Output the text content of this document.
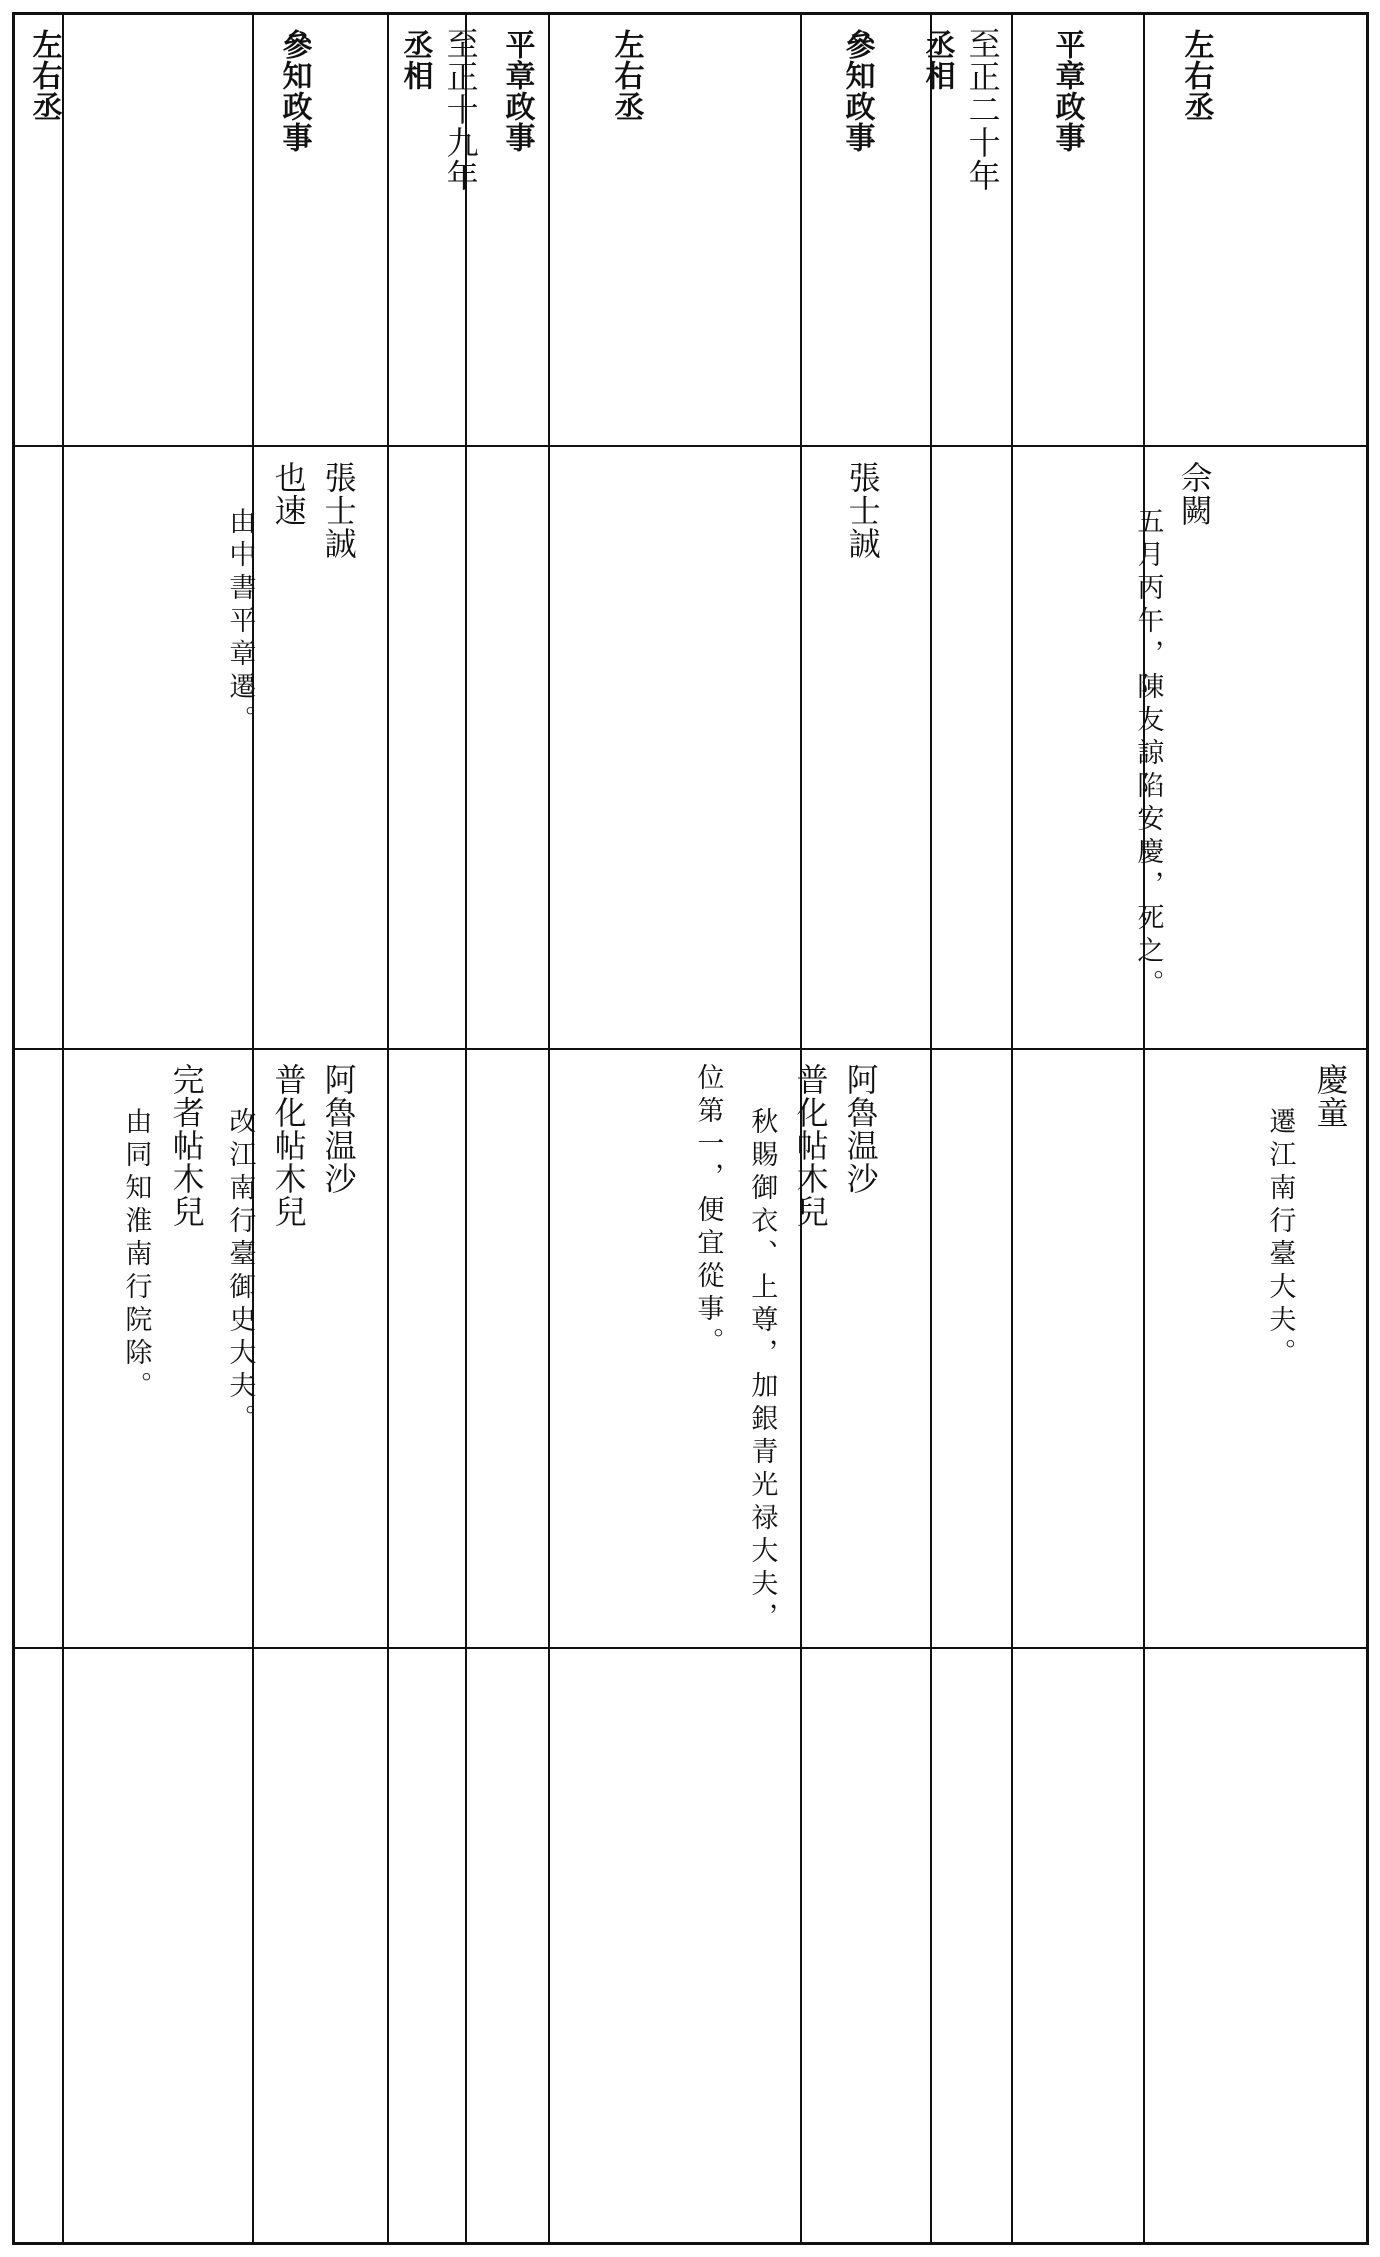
左右丞
平章政事
丞相 至正二十年
參知政事
左右丞
平章政事
丞相 至正十九年
參知政事
左右丞
佘闕
五月丙午，陳友諒陷安慶，死之。
張士誠
張士誠
也速
由中書平章遷。
慶童
遷江南行臺大夫。
阿魯温沙
普化帖木兒
秋賜御衣、上尊，加銀青光禄大夫，
位第一，便宜從事。
阿魯温沙
普化帖木兒
改江南行臺御史大夫。
完者帖木兒
由同知淮南行院除。
